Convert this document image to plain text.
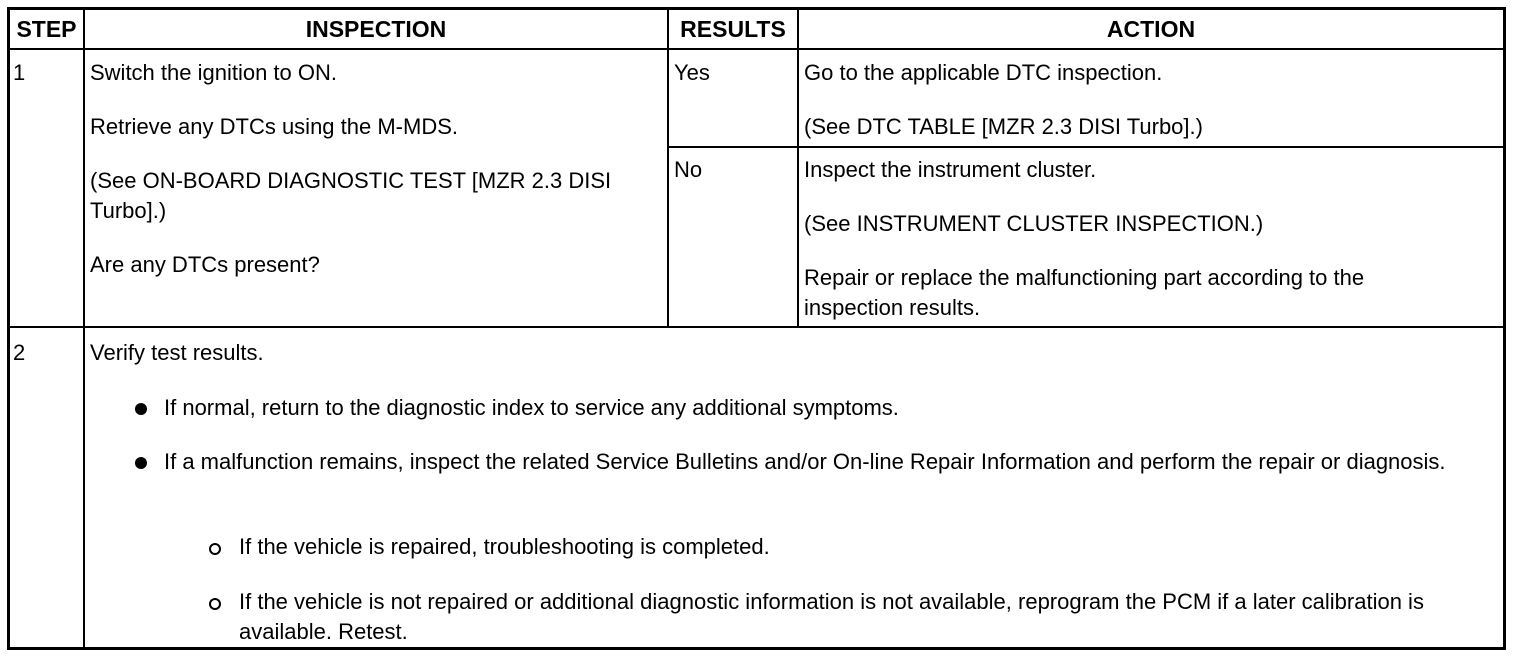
STEP	INSPECTION	RESULTS	ACTION
1	Switch the ignition to ON.

Retrieve any DTCs using the M-MDS.

(See ON-BOARD DIAGNOSTIC TEST [MZR 2.3 DISI Turbo].)

Are any DTCs present?

Yes	Go to the applicable DTC inspection.

(See DTC TABLE [MZR 2.3 DISI Turbo].)

No	Inspect the instrument cluster.

(See INSTRUMENT CLUSTER INSPECTION.)

Repair or replace the malfunctioning part according to the inspection results.

2	Verify test results.
If normal, return to the diagnostic index to service any additional symptoms.
If a malfunction remains, inspect the related Service Bulletins and/or On-line Repair Information and perform the repair or diagnosis.
If the vehicle is repaired, troubleshooting is completed.
If the vehicle is not repaired or additional diagnostic information is not available, reprogram the PCM if a later calibration is available. Retest.
